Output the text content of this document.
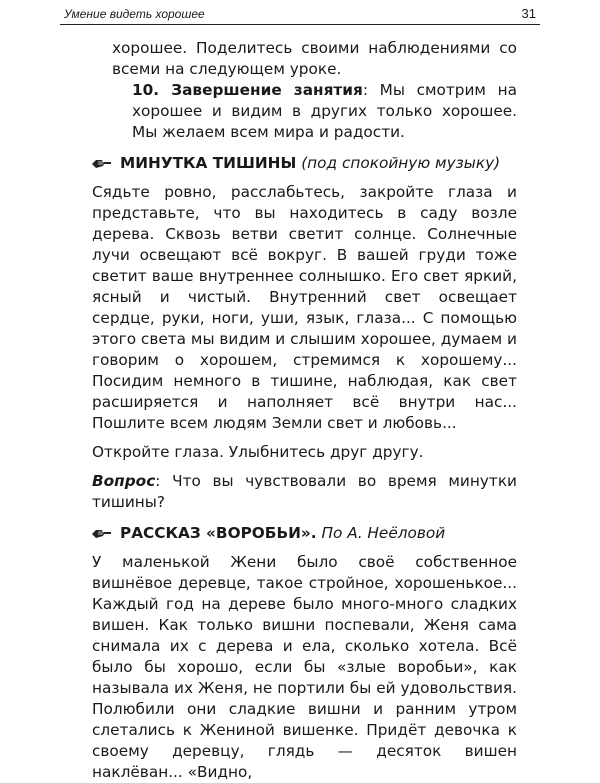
Умение видеть хорошее	31

хорошее. Поделитесь своими наблюдениями со всеми на следующем уроке.

10. Завершение занятия: Мы смотрим на хорошее и видим в других только хорошее. Мы желаем всем мира и радости.

МИНУТКА ТИШИНЫ (под спокойную музыку)

Сядьте ровно, расслабьтесь, закройте глаза и представьте, что вы находитесь в саду возле дерева. Сквозь ветви светит солнце. Солнечные лучи освещают всё вокруг. В вашей груди тоже светит ваше внутреннее солнышко. Его свет яркий, ясный и чистый. Внутренний свет освещает сердце, руки, ноги, уши, язык, глаза... С помощью этого света мы видим и слышим хорошее, думаем и говорим о хорошем, стремимся к хорошему... Посидим немного в тишине, наблюдая, как свет расширяется и наполняет всё внутри нас... Пошлите всем людям Земли свет и любовь...

Откройте глаза. Улыбнитесь друг другу.

Вопрос: Что вы чувствовали во время минутки тишины?

РАССКАЗ «ВОРОБЬИ». По А. Неёловой

У маленькой Жени было своё собственное вишнёвое деревце, такое стройное, хорошенькое... Каждый год на дереве было много-много сладких вишен. Как только вишни поспевали, Женя сама снимала их с дерева и ела, сколько хотела. Всё было бы хорошо, если бы «злые воробьи», как называла их Женя, не портили бы ей удовольствия. Полюбили они сладкие вишни и ранним утром слетались к Жениной вишенке. Придёт девочка к своему деревцу, глядь — десяток вишен наклёван... «Видно,
